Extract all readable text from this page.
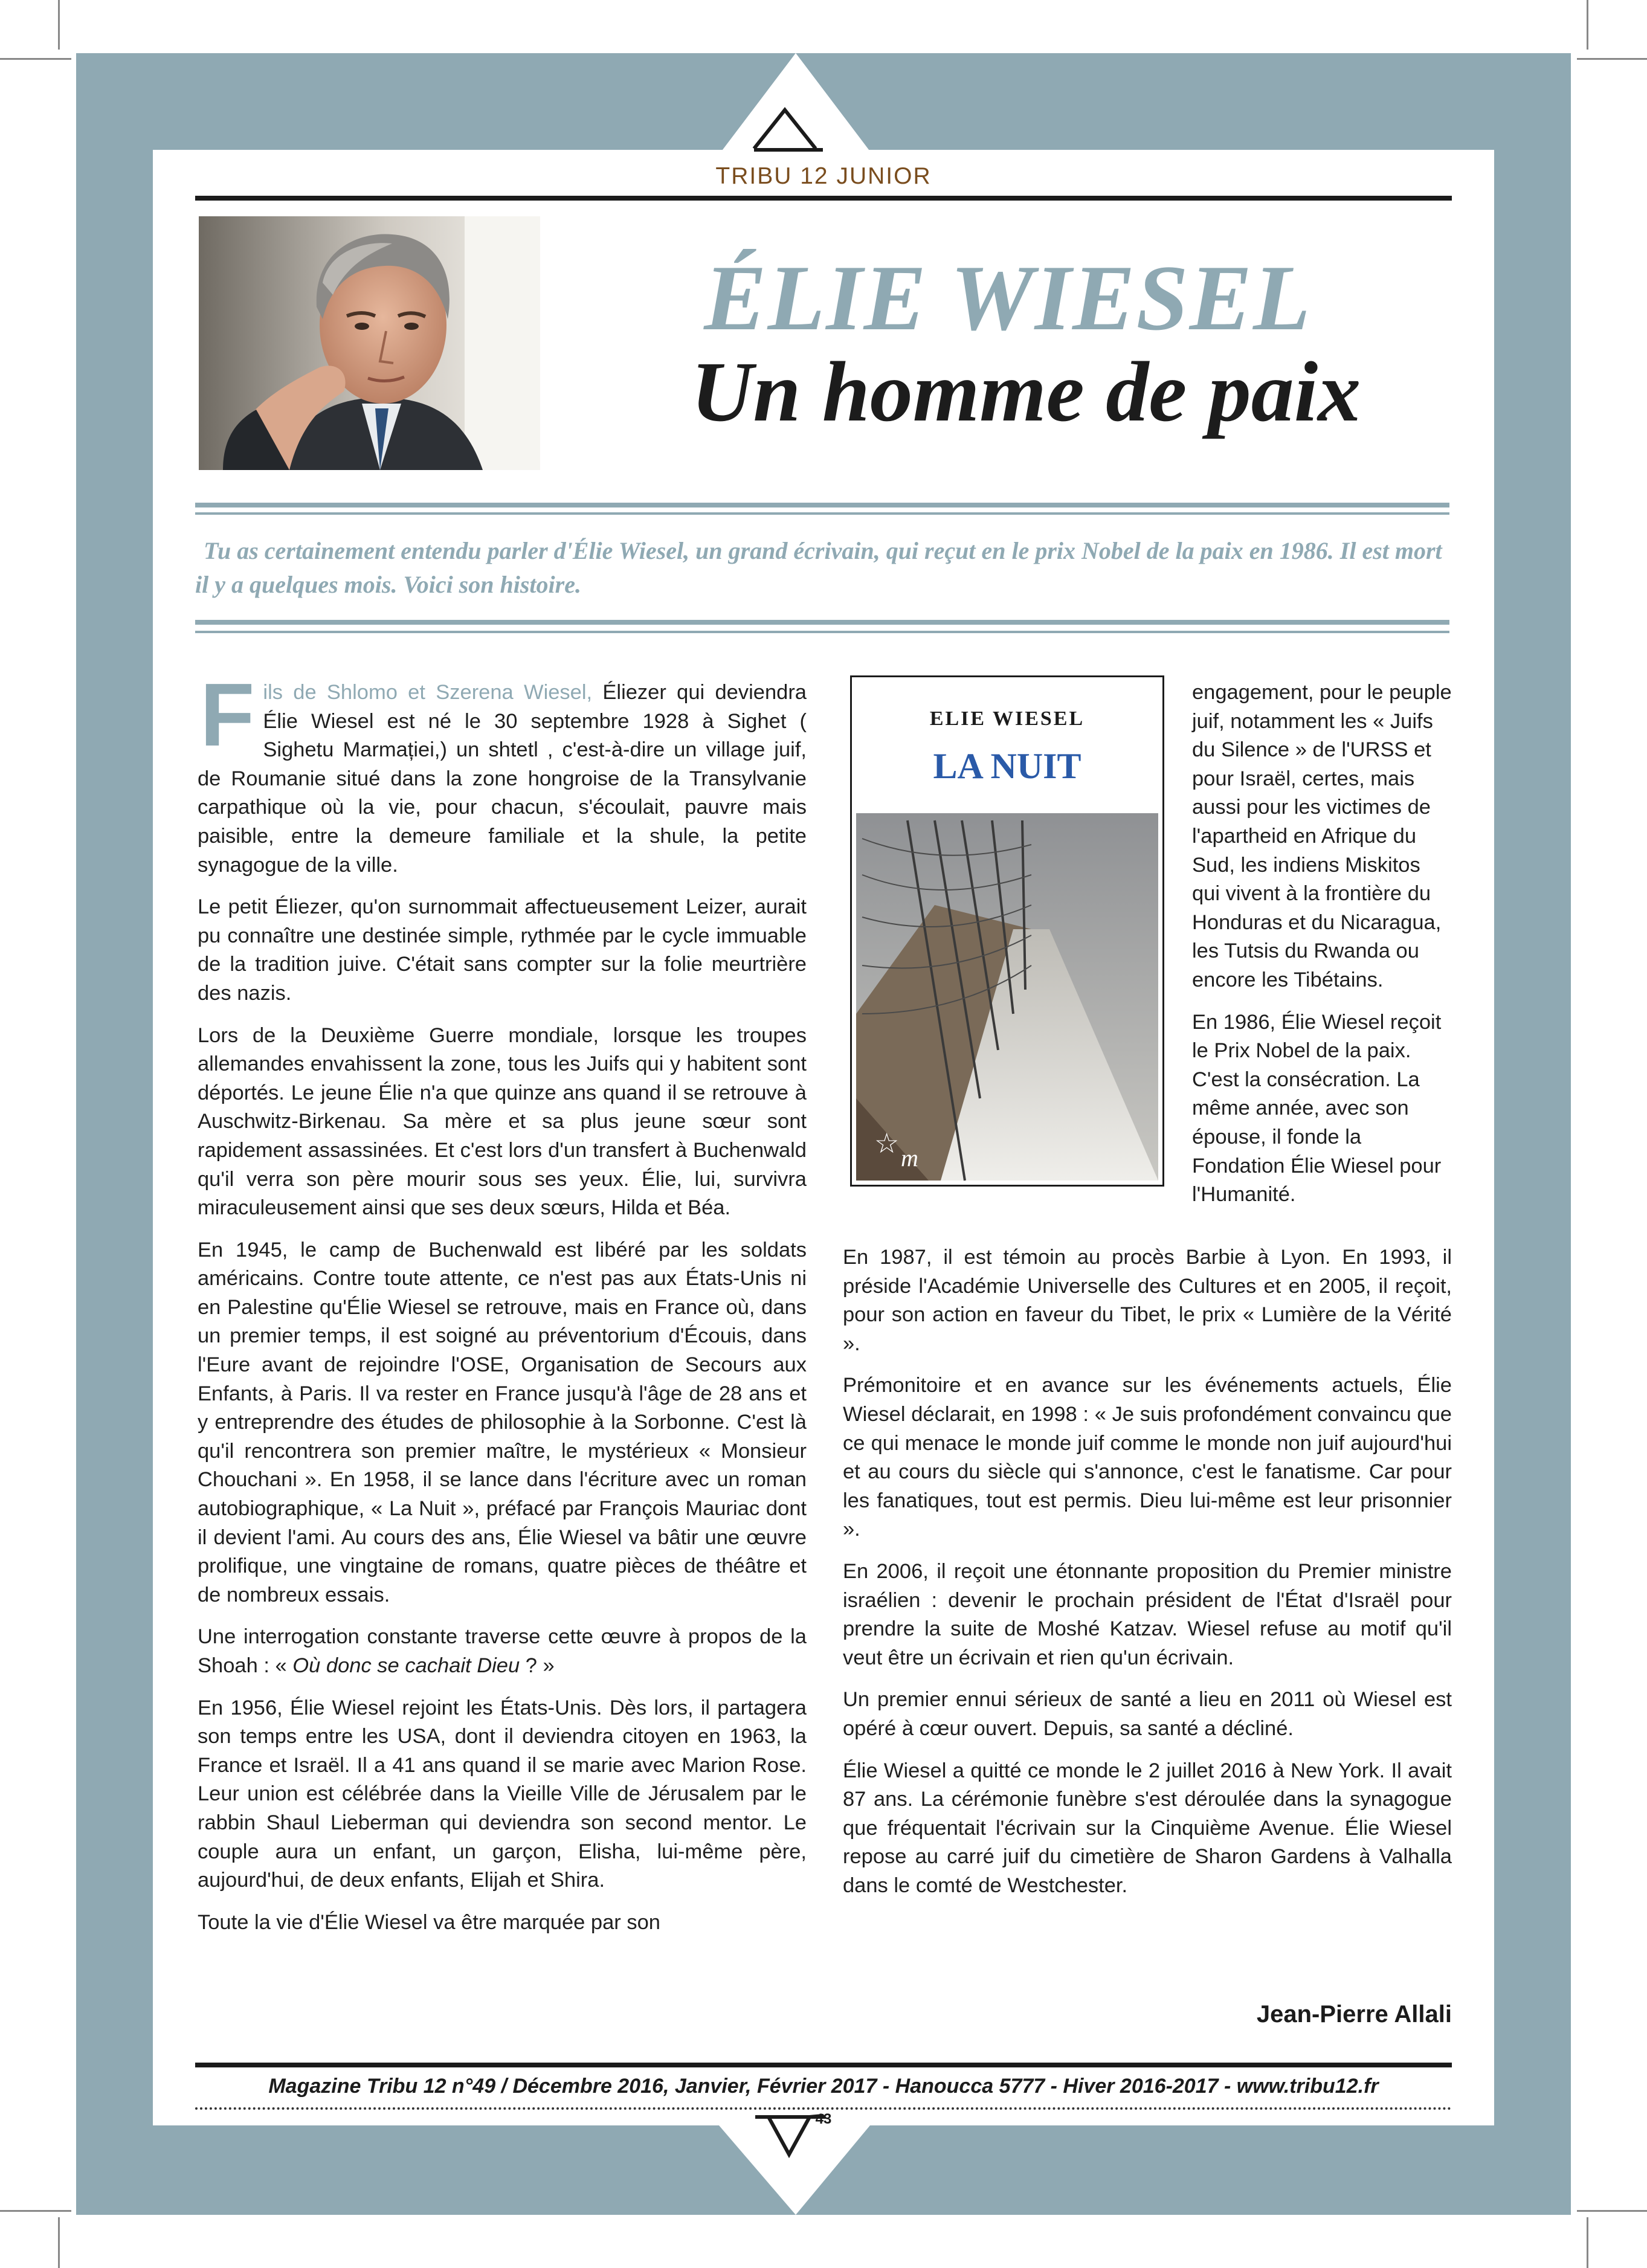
TRIBU 12 JUNIOR
ÉLIE WIESEL
Un homme de paix
Tu as certainement entendu parler d'Élie Wiesel, un grand écrivain, qui reçut en le prix Nobel de la paix en 1986. Il est mort il y a quelques mois. Voici son histoire.

Fils de Shlomo et Szerena Wiesel, Éliezer qui deviendra Élie Wiesel est né le 30 septembre 1928 à Sighet ( Sighetu Marmației,) un shtetl , c'est-à-dire un village juif, de Roumanie situé dans la zone hongroise de la Transylvanie carpathique où la vie, pour chacun, s'écoulait, pauvre mais paisible, entre la demeure familiale et la shule, la petite synagogue de la ville.

Le petit Éliezer, qu'on surnommait affectueusement Leizer, aurait pu connaître une destinée simple, rythmée par le cycle immuable de la tradition juive. C'était sans compter sur la folie meurtrière des nazis.

Lors de la Deuxième Guerre mondiale, lorsque les troupes allemandes envahissent la zone, tous les Juifs qui y habitent sont déportés. Le jeune Élie n'a que quinze ans quand il se retrouve à Auschwitz-Birkenau. Sa mère et sa plus jeune sœur sont rapidement assassinées. Et c'est lors d'un transfert à Buchenwald qu'il verra son père mourir sous ses yeux. Élie, lui, survivra miraculeusement ainsi que ses deux sœurs, Hilda et Béa.

En 1945, le camp de Buchenwald est libéré par les soldats américains. Contre toute attente, ce n'est pas aux États-Unis ni en Palestine qu'Élie Wiesel se retrouve, mais en France où, dans un premier temps, il est soigné au préventorium d'Écouis, dans l'Eure avant de rejoindre l'OSE, Organisation de Secours aux Enfants, à Paris. Il va rester en France jusqu'à l'âge de 28 ans et y entreprendre des études de philosophie à la Sorbonne. C'est là qu'il rencontrera son premier maître, le mystérieux « Monsieur Chouchani ». En 1958, il se lance dans l'écriture avec un roman autobiographique, « La Nuit », préfacé par François Mauriac dont il devient l'ami. Au cours des ans, Élie Wiesel va bâtir une œuvre prolifique, une vingtaine de romans, quatre pièces de théâtre et de nombreux essais.

Une interrogation constante traverse cette œuvre à propos de la Shoah : « Où donc se cachait Dieu ? »

En 1956, Élie Wiesel rejoint les États-Unis. Dès lors, il partagera son temps entre les USA, dont il deviendra citoyen en 1963, la France et Israël. Il a 41 ans quand il se marie avec Marion Rose. Leur union est célébrée dans la Vieille Ville de Jérusalem par le rabbin Shaul Lieberman qui deviendra son second mentor. Le couple aura un enfant, un garçon, Elisha, lui-même père, aujourd'hui, de deux enfants, Elijah et Shira.

Toute la vie d'Élie Wiesel va être marquée par son

ELIE WIESEL
LA NUIT
☆ m

engagement, pour le peuple juif, notamment les « Juifs du Silence » de l'URSS et pour Israël, certes, mais aussi pour les victimes de l'apartheid en Afrique du Sud, les indiens Miskitos qui vivent à la frontière du Honduras et du Nicaragua, les Tutsis du Rwanda ou encore les Tibétains.

En 1986, Élie Wiesel reçoit le Prix Nobel de la paix. C'est la consécration. La même année, avec son épouse, il fonde la Fondation Élie Wiesel pour l'Humanité.

En 1987, il est témoin au procès Barbie à Lyon. En 1993, il préside l'Académie Universelle des Cultures et en 2005, il reçoit, pour son action en faveur du Tibet, le prix « Lumière de la Vérité ».

Prémonitoire et en avance sur les événements actuels, Élie Wiesel déclarait, en 1998 : « Je suis profondément convaincu que ce qui menace le monde juif comme le monde non juif aujourd'hui et au cours du siècle qui s'annonce, c'est le fanatisme. Car pour les fanatiques, tout est permis. Dieu lui-même est leur prisonnier ».

En 2006, il reçoit une étonnante proposition du Premier ministre israélien : devenir le prochain président de l'État d'Israël pour prendre la suite de Moshé Katzav. Wiesel refuse au motif qu'il veut être un écrivain et rien qu'un écrivain.

Un premier ennui sérieux de santé a lieu en 2011 où Wiesel est opéré à cœur ouvert. Depuis, sa santé a décliné.

Élie Wiesel a quitté ce monde le 2 juillet 2016 à New York. Il avait 87 ans. La cérémonie funèbre s'est déroulée dans la synagogue que fréquentait l'écrivain sur la Cinquième Avenue. Élie Wiesel repose au carré juif du cimetière de Sharon Gardens à Valhalla dans le comté de Westchester.

Jean-Pierre Allali
Magazine Tribu 12 n°49 / Décembre 2016, Janvier, Février 2017 - Hanoucca 5777 - Hiver 2016-2017 - www.tribu12.fr
43
